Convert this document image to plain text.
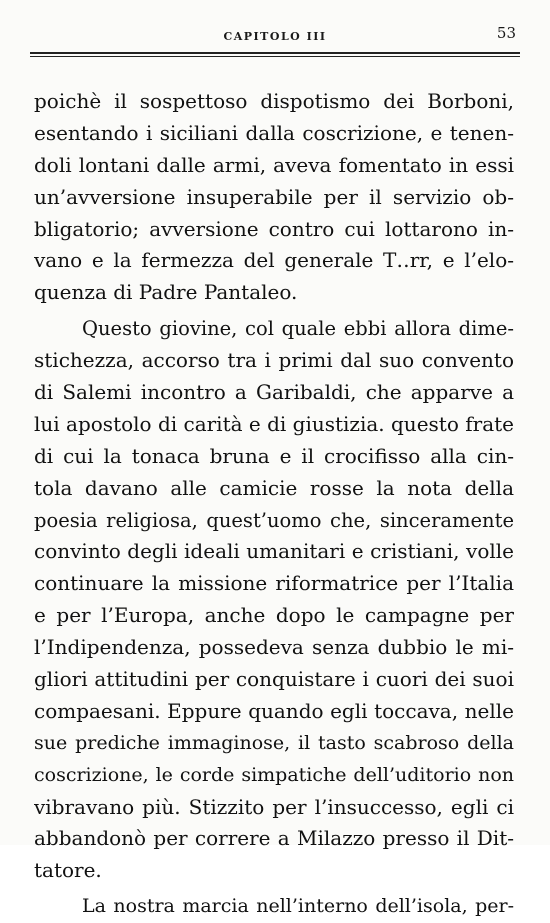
CAPITOLO III	53
poichè il sospettoso dispotismo dei Borboni,
esentando i siciliani dalla coscrizione, e tenen-
doli lontani dalle armi, aveva fomentato in essi
un’avversione insuperabile per il servizio ob-
bligatorio; avversione contro cui lottarono in-
vano e la fermezza del generale T‥rr, e l’elo-
quenza di Padre Pantaleo.
Questo giovine, col quale ebbi allora dime-
stichezza, accorso tra i primi dal suo convento
di Salemi incontro a Garibaldi, che apparve a
lui apostolo di carità e di giustizia. questo frate
di cui la tonaca bruna e il crocifisso alla cin-
tola davano alle camicie rosse la nota della
poesia religiosa, quest’uomo che, sinceramente
convinto degli ideali umanitari e cristiani, volle
continuare la missione riformatrice per l’Italia
e per l’Europa, anche dopo le campagne per
l’Indipendenza, possedeva senza dubbio le mi-
gliori attitudini per conquistare i cuori dei suoi
compaesani. Eppure quando egli toccava, nelle
sue prediche immaginose, il tasto scabroso della
coscrizione, le corde simpatiche dell’uditorio non
vibravano più. Stizzito per l’insuccesso, egli ci
abbandonò per correre a Milazzo presso il Dit-
tatore.
La nostra marcia nell’interno dell’isola, per-
